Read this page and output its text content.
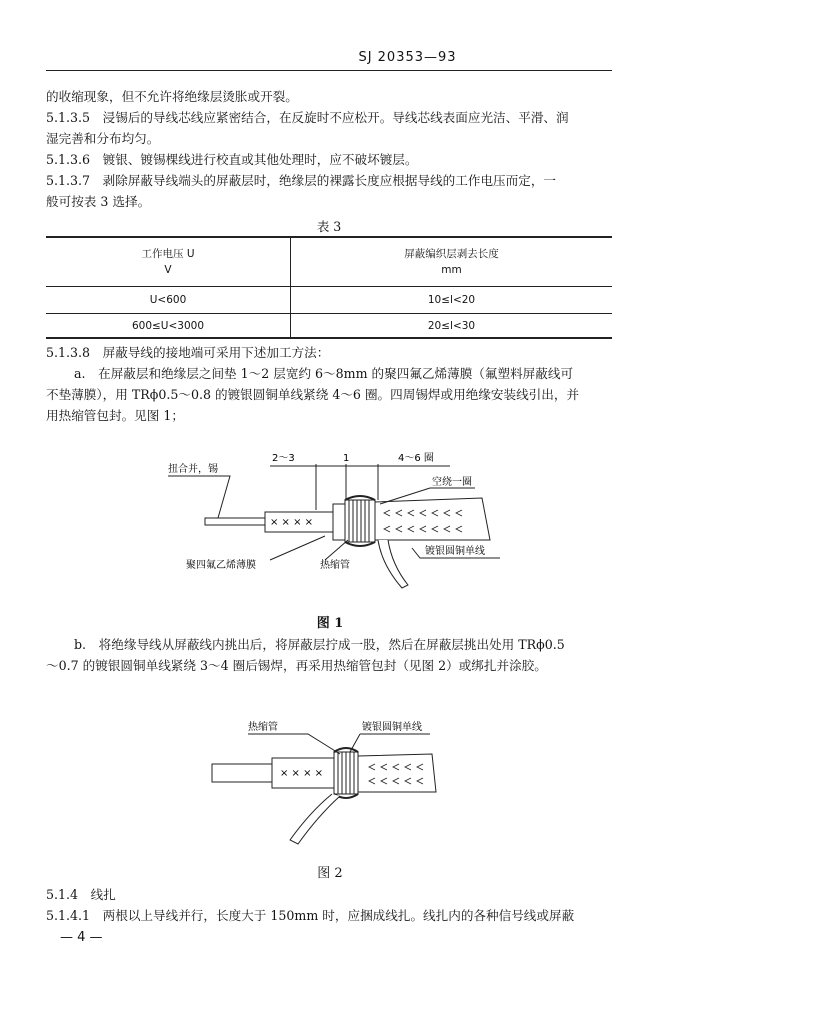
SJ 20353—93
的收缩现象，但不允许将绝缘层烫胀或开裂。
5.1.3.5　浸锡后的导线芯线应紧密结合，在反旋时不应松开。导线芯线表面应光洁、平滑、润
湿完善和分布均匀。
5.1.3.6　镀银、镀锡棵线进行校直或其他处理时，应不破坏镀层。
5.1.3.7　剥除屏蔽导线端头的屏蔽层时，绝缘层的裸露长度应根据导线的工作电压而定，一
般可按表 3 选择。
表 3
工作电压 U
V	屏蔽编织层剥去长度
mm
U<600	10≤l<20
600≤U<3000	20≤l<30
5.1.3.8　屏蔽导线的接地端可采用下述加工方法：
a.　在屏蔽层和绝缘层之间垫 1～2 层宽约 6～8mm 的聚四氟乙烯薄膜（氟塑料屏蔽线可
不垫薄膜），用 TRϕ0.5～0.8 的镀银圆铜单线紧绕 4～6 圈。四周锡焊或用绝缘安装线引出，并
用热缩管包封。见图 1；
扭合并，锡
2～3	1	4～6 圈
空绕一圈
× × × ×
聚四氟乙烯薄膜	热缩管
镀银圆铜单线
图 1
b.　将绝缘导线从屏蔽线内挑出后，将屏蔽层拧成一股，然后在屏蔽层挑出处用 TRϕ0.5
～0.7 的镀银圆铜单线紧绕 3～4 圈后锡焊，再采用热缩管包封（见图 2）或绑扎并涂胶。
热缩管	镀银圆铜单线
× × × ×
图 2
5.1.4　线扎
5.1.4.1　两根以上导线并行，长度大于 150mm 时，应捆成线扎。线扎内的各种信号线或屏蔽
— 4 —
